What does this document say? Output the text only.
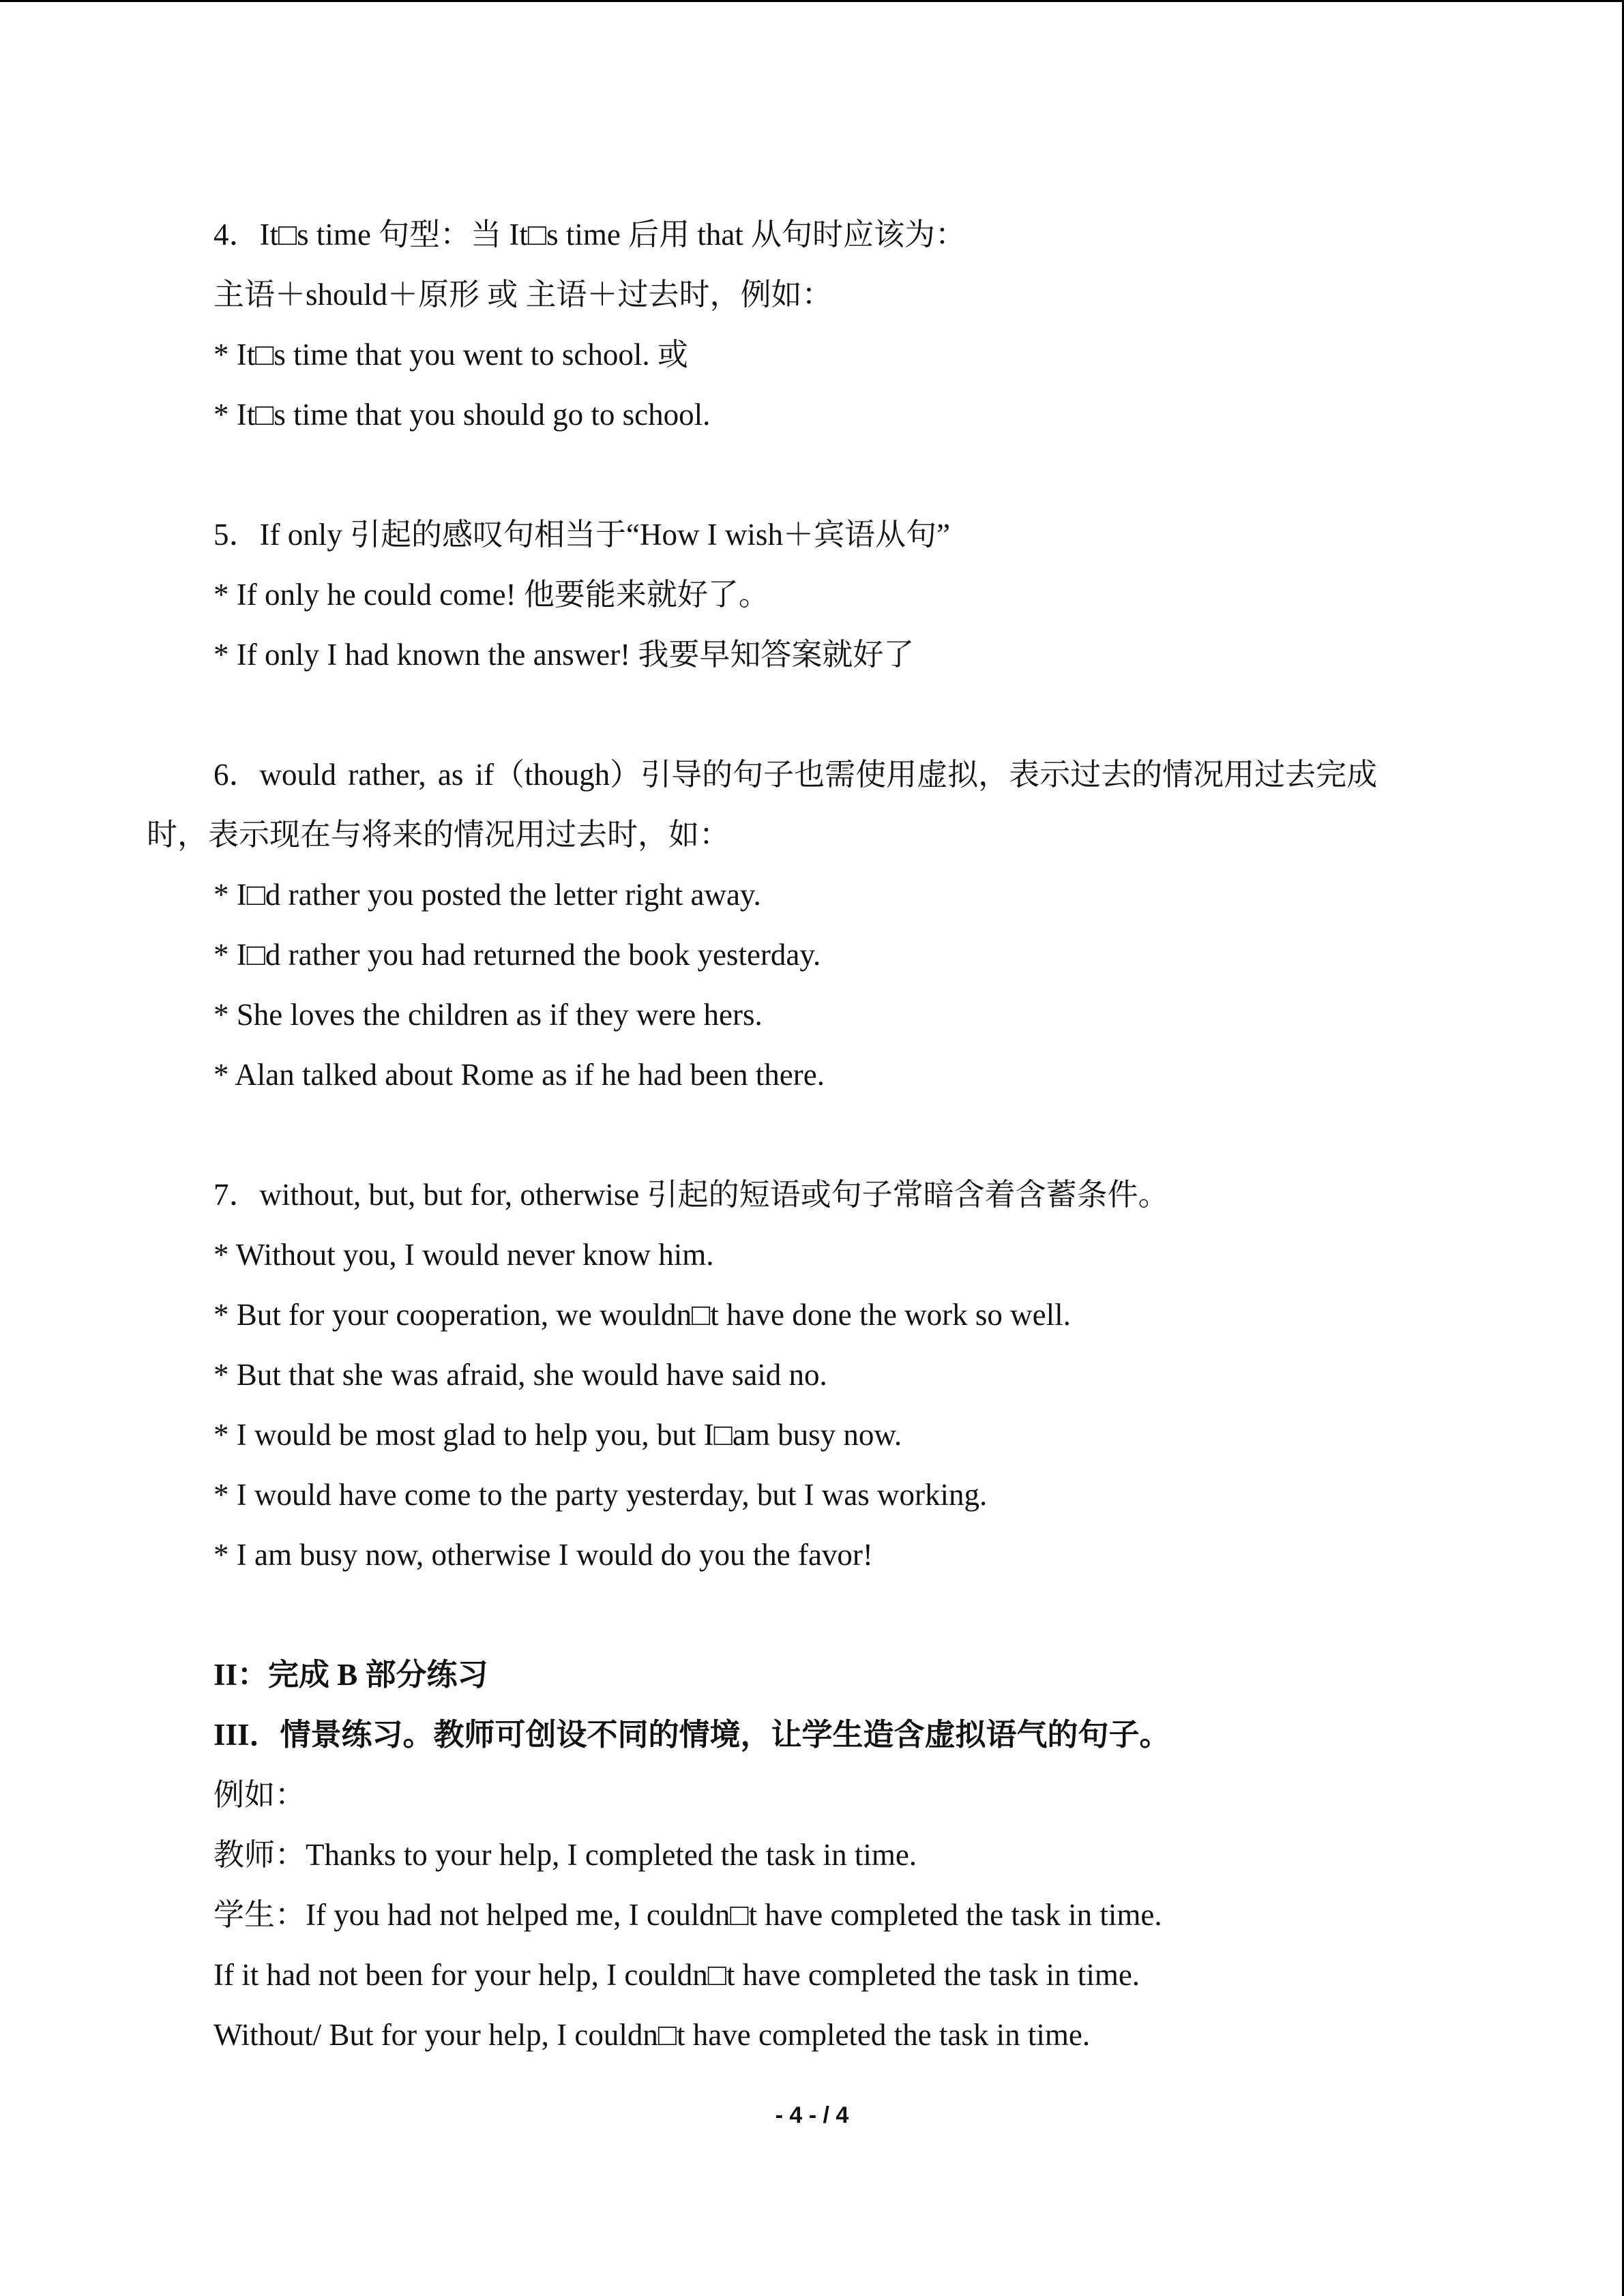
4．It□s time 句型：当 It□s time 后用 that 从句时应该为：
主语＋should＋原形 或 主语＋过去时，例如：
* It□s time that you went to school. 或
* It□s time that you should go to school.
5．If only 引起的感叹句相当于“How I wish＋宾语从句”
* If only he could come! 他要能来就好了。
* If only I had known the answer! 我要早知答案就好了
6．would rather, as if（though）引导的句子也需使用虚拟，表示过去的情况用过去完成
时，表示现在与将来的情况用过去时，如：
* I□d rather you posted the letter right away.
* I□d rather you had returned the book yesterday.
* She loves the children as if they were hers.
* Alan talked about Rome as if he had been there.
7．without, but, but for, otherwise 引起的短语或句子常暗含着含蓄条件。
* Without you, I would never know him.
* But for your cooperation, we wouldn□t have done the work so well.
* But that she was afraid, she would have said no.
* I would be most glad to help you, but I□am busy now.
* I would have come to the party yesterday, but I was working.
* I am busy now, otherwise I would do you the favor!
II：完成 B 部分练习
III．情景练习。教师可创设不同的情境，让学生造含虚拟语气的句子。
例如：
教师：Thanks to your help, I completed the task in time.
学生：If you had not helped me, I couldn□t have completed the task in time.
If it had not been for your help, I couldn□t have completed the task in time.
Without/ But for your help, I couldn□t have completed the task in time.
- 4 - / 4
